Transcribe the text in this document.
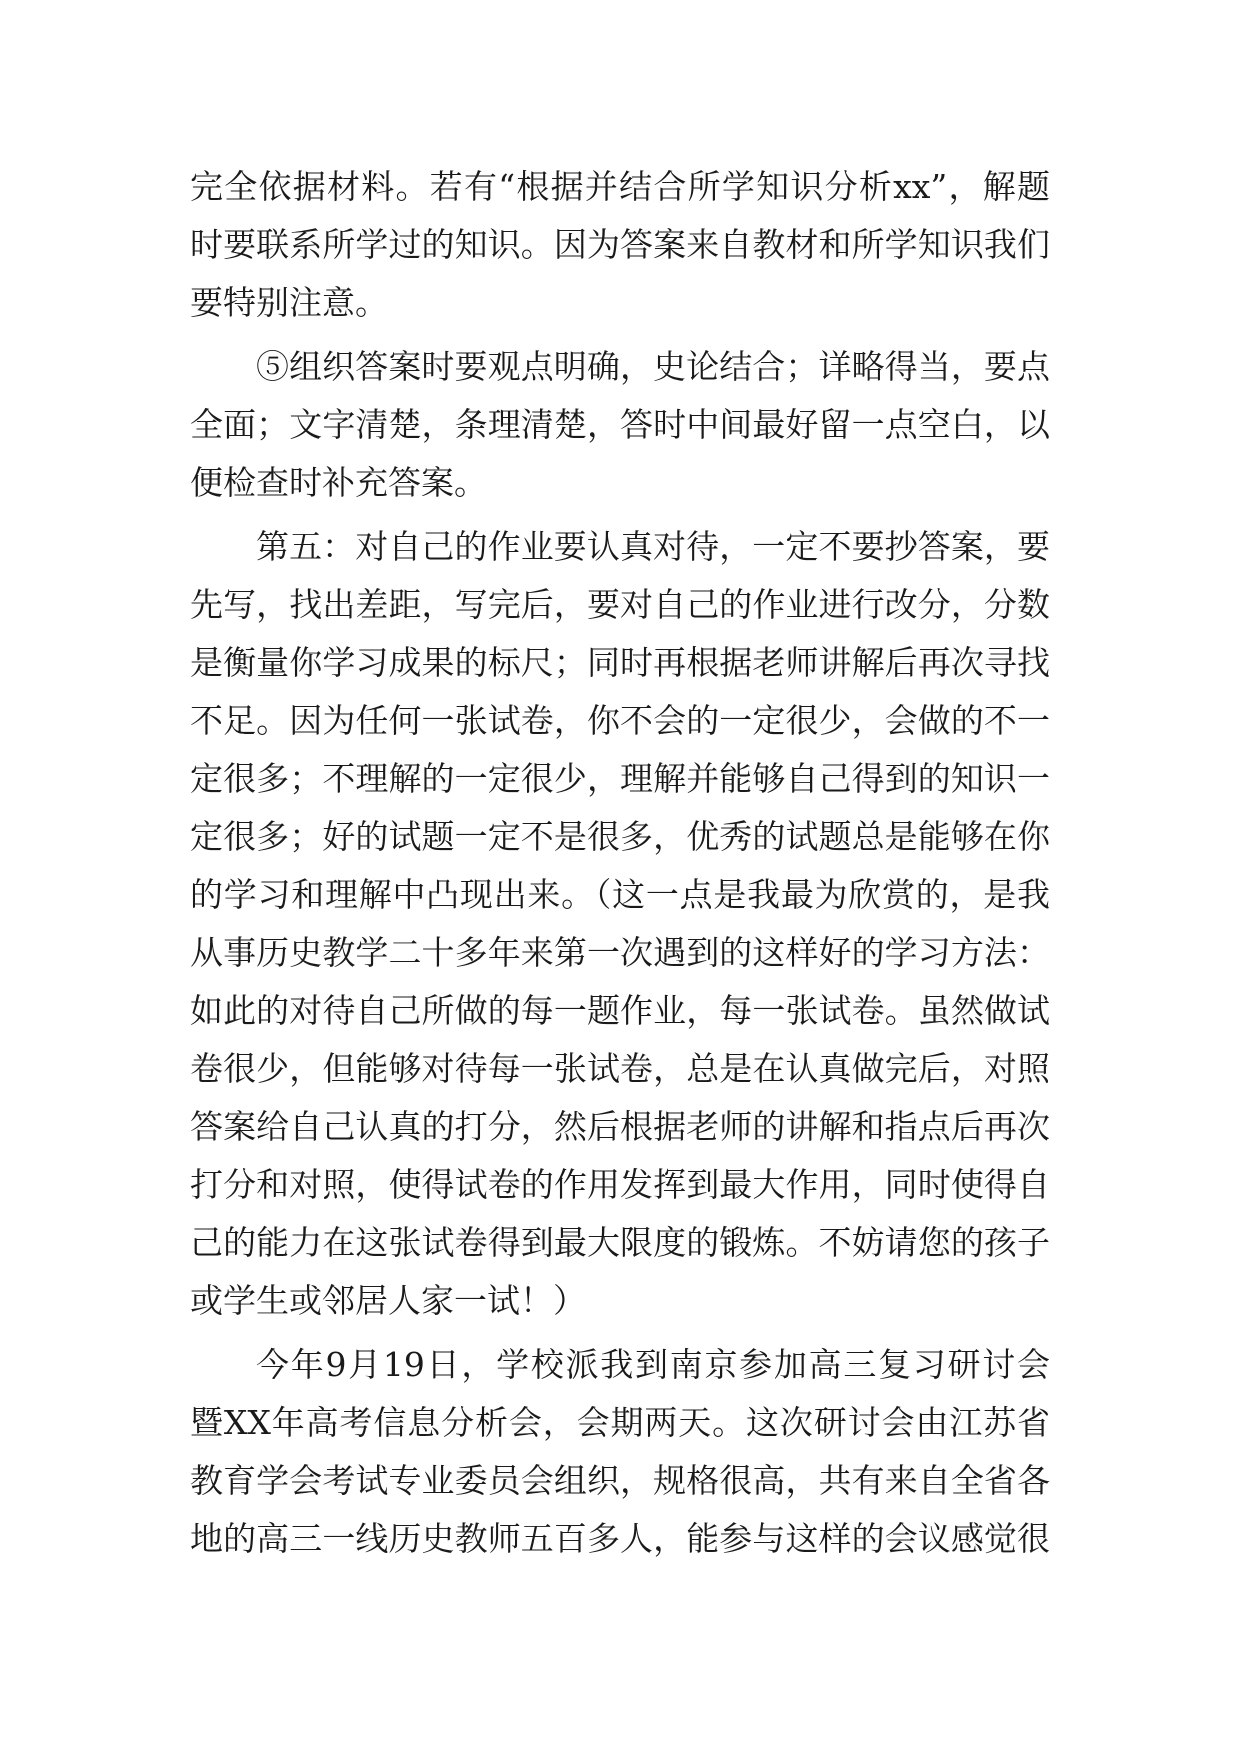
完全依据材料。若有“根据并结合所学知识分析xx”，解题
时要联系所学过的知识。因为答案来自教材和所学知识我们
要特别注意。
⑤组织答案时要观点明确，史论结合；详略得当，要点
全面；文字清楚，条理清楚，答时中间最好留一点空白，以
便检查时补充答案。
第五：对自己的作业要认真对待，一定不要抄答案，要
先写，找出差距，写完后，要对自己的作业进行改分，分数
是衡量你学习成果的标尺；同时再根据老师讲解后再次寻找
不足。因为任何一张试卷，你不会的一定很少，会做的不一
定很多；不理解的一定很少，理解并能够自己得到的知识一
定很多；好的试题一定不是很多，优秀的试题总是能够在你
的学习和理解中凸现出来。（这一点是我最为欣赏的，是我
从事历史教学二十多年来第一次遇到的这样好的学习方法：
如此的对待自己所做的每一题作业，每一张试卷。虽然做试
卷很少，但能够对待每一张试卷，总是在认真做完后，对照
答案给自己认真的打分，然后根据老师的讲解和指点后再次
打分和对照，使得试卷的作用发挥到最大作用，同时使得自
己的能力在这张试卷得到最大限度的锻炼。不妨请您的孩子
或学生或邻居人家一试！）
今年9月19日，学校派我到南京参加高三复习研讨会
暨XX年高考信息分析会，会期两天。这次研讨会由江苏省
教育学会考试专业委员会组织，规格很高，共有来自全省各
地的高三一线历史教师五百多人，能参与这样的会议感觉很
